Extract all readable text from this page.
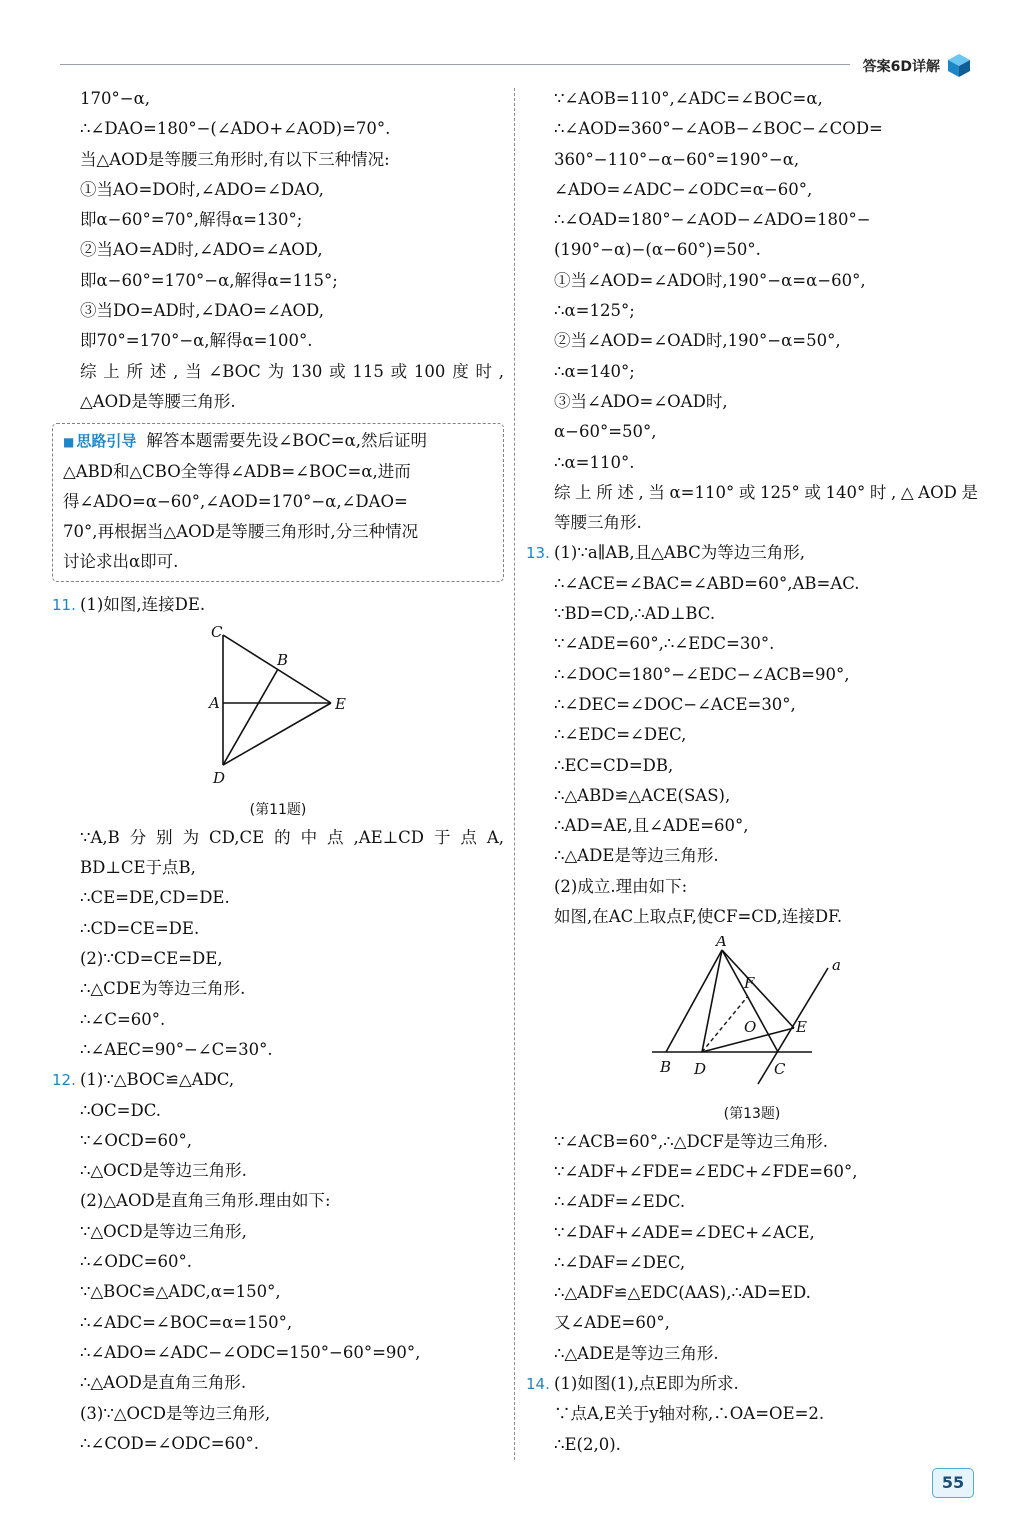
答案6D详解
170°−α,
∴∠DAO=180°−(∠ADO+∠AOD)=70°.
当△AOD是等腰三角形时,有以下三种情况:
①当AO=DO时,∠ADO=∠DAO,
即α−60°=70°,解得α=130°;
②当AO=AD时,∠ADO=∠AOD,
即α−60°=170°−α,解得α=115°;
③当DO=AD时,∠DAO=∠AOD,
即70°=170°−α,解得α=100°.
综上所述,当∠BOC为130或115或100度时,
△AOD是等腰三角形.
■ 思路引导 解答本题需要先设∠BOC=α,然后证明
△ABD和△CBO全等得∠ADB=∠BOC=α,进而
得∠ADO=α−60°,∠AOD=170°−α,∠DAO=
70°,再根据当△AOD是等腰三角形时,分三种情况
讨论求出α即可.
11. (1)如图,连接DE.
C
B
A	E
D
(第11题)
∵A,B分别为CD,CE的中点,AE⊥CD于点A,
BD⊥CE于点B,
∴CE=DE,CD=DE.
∴CD=CE=DE.
(2)∵CD=CE=DE,
∴△CDE为等边三角形.
∴∠C=60°.
∴∠AEC=90°−∠C=30°.
12. (1)∵△BOC≌△ADC,
∴OC=DC.
∵∠OCD=60°,
∴△OCD是等边三角形.
(2)△AOD是直角三角形.理由如下:
∵△OCD是等边三角形,
∴∠ODC=60°.
∵△BOC≌△ADC,α=150°,
∴∠ADC=∠BOC=α=150°,
∴∠ADO=∠ADC−∠ODC=150°−60°=90°,
∴△AOD是直角三角形.
(3)∵△OCD是等边三角形,
∴∠COD=∠ODC=60°.
∵∠AOB=110°,∠ADC=∠BOC=α,
∴∠AOD=360°−∠AOB−∠BOC−∠COD=
360°−110°−α−60°=190°−α,
∠ADO=∠ADC−∠ODC=α−60°,
∴∠OAD=180°−∠AOD−∠ADO=180°−
(190°−α)−(α−60°)=50°.
①当∠AOD=∠ADO时,190°−α=α−60°,
∴α=125°;
②当∠AOD=∠OAD时,190°−α=50°,
∴α=140°;
③当∠ADO=∠OAD时,
α−60°=50°,
∴α=110°.
综上所述,当α=110°或125°或140°时,△AOD是
等腰三角形.
13. (1)∵a∥AB,且△ABC为等边三角形,
∴∠ACE=∠BAC=∠ABD=60°,AB=AC.
∵BD=CD,∴AD⊥BC.
∵∠ADE=60°,∴∠EDC=30°.
∴∠DOC=180°−∠EDC−∠ACB=90°,
∴∠DEC=∠DOC−∠ACE=30°,
∴∠EDC=∠DEC,
∴EC=CD=DB,
∴△ABD≌△ACE(SAS),
∴AD=AE,且∠ADE=60°,
∴△ADE是等边三角形.
(2)成立.理由如下:
如图,在AC上取点F,使CF=CD,连接DF.
A
F
a
O	E
B D	C
(第13题)
∵∠ACB=60°,∴△DCF是等边三角形.
∵∠ADF+∠FDE=∠EDC+∠FDE=60°,
∴∠ADF=∠EDC.
∵∠DAF+∠ADE=∠DEC+∠ACE,
∴∠DAF=∠DEC,
∴△ADF≌△EDC(AAS),∴AD=ED.
又∠ADE=60°,
∴△ADE是等边三角形.
14. (1)如图(1),点E即为所求.
∵点A,E关于y轴对称,∴OA=OE=2.
∴E(2,0).
55
